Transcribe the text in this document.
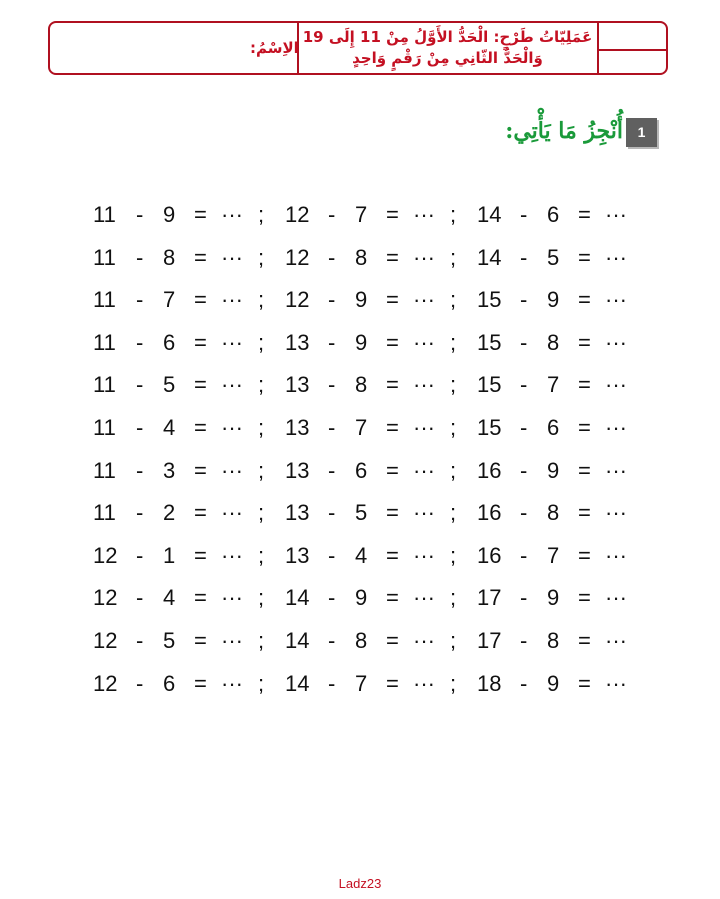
عَمَلِيّاتُ طَرْحٍ: الْحَدُّ الأَوَّلُ مِنْ 11 إِلَى 19
وَالْحَدُّ الثّانِي مِنْ رَقْمٍ وَاحِدٍ
الاِسْمُ:
أُنْجِزُ مَا يَأْتِي:	1
11 - 9 = ··· ; 12 - 7 = ··· ; 14 - 6 = ···
11 - 8 = ··· ; 12 - 8 = ··· ; 14 - 5 = ···
11 - 7 = ··· ; 12 - 9 = ··· ; 15 - 9 = ···
11 - 6 = ··· ; 13 - 9 = ··· ; 15 - 8 = ···
11 - 5 = ··· ; 13 - 8 = ··· ; 15 - 7 = ···
11 - 4 = ··· ; 13 - 7 = ··· ; 15 - 6 = ···
11 - 3 = ··· ; 13 - 6 = ··· ; 16 - 9 = ···
11 - 2 = ··· ; 13 - 5 = ··· ; 16 - 8 = ···
12 - 1 = ··· ; 13 - 4 = ··· ; 16 - 7 = ···
12 - 4 = ··· ; 14 - 9 = ··· ; 17 - 9 = ···
12 - 5 = ··· ; 14 - 8 = ··· ; 17 - 8 = ···
12 - 6 = ··· ; 14 - 7 = ··· ; 18 - 9 = ···
Ladz23
